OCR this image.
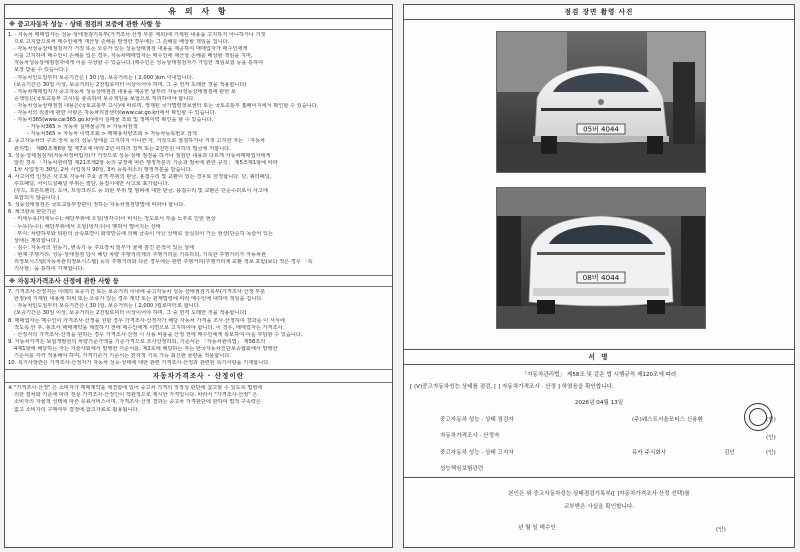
유 의 사 항
※ 중고자동차 성능 · 상태 점검의 보증에 관한 사항 등
1. · 자동차 매매업자는 성능·상태점검기록부(가격조사·산정 부분 제외)에 기재된 내용을 고지하지 아니하거나 거짓
으로 고지함으로써 매수인에게 재산상 손해를 발생한 경우에는 그 손해를 배상할 책임을 집니다.
· 자동차성능상태점검자가 거짓 또는 오류가 있는 성능상태점검 내용을 제공하여 매매업자가 매수인에게
이를 고지하여 매수인이 손해를 입은 경우, 자동차매매업자는 매수인에 재산상 손해를 배상할 책임을 지며,
자동차성능상태점검자에게 이를 구상할 수 있습니다.(매수인은 성능상태점검자가 가입한 책임보험 등을 통하여
보장 받을 수 있습니다.)
· 자동차인도일부터 보증기간은 ( 30 )일, 보증거리는 ( 2,000 )km 이내입니다.
(보증기간은 30일 이상, 보증거리는 2천킬로미터 이상이어야 하며, 그 중 먼저 도래한 것을 적용합니다)
· 자동차매매업자가 중고자동차 성능상태점검 내용을 제공한 날부터 자동차성능상태점검에 관한 보
증책임은(국토교통부 고시)를 충족하여 보증책임을 보험으로 처리하여야 합니다.
· 자동차성능상태점검 내용은(국토교통부 고시)에 따르며, 정제된 국가법령정보센터 또는 국토교통부 홈페이지에서 확인할 수 있습니다.
· 자동차의 리콜에 관한 사항은 자동차리콜센터(www.car.go.kr)에서 확인할 수 있습니다.
· 자동차365(www.car365.go.kr)에서 실매물 조회 및 정비이력 확인을 할 수 있습니다.
- 자동차365 > 자동차 실매물공개 > 자동차검색
- 자동차365 > 자동차 이력조회 > 매매용차량조회 > 자동차등록번호 검색
2. 중고자동차의 구조·장치 등의 성능·상태를 고지하지 아니한 자, 거짓으로 점검하거나 거짓 고지한 자는 「자동차
관리법」 제80조제6항 및 제7호에 따라 2년 이하의 징역 또는 2천만원 이하의 벌금에 처합니다.
3. 성능·상태점검자(자동차정비업자)가 거짓으로 성능·상태 점검을 하거나 점검한 내용과 다르게 자동차매매업자에게
알린 경우 「자동차관리법 제21조제2항 등의 규정에 따른 행정처분의 기준과 절차에 관한 규칙」 제5조제1항에 따라
1차 사업정지 30일, 2차 사업정지 90일, 3차 등록취소의 행정처분을 받습니다.
4. 사고이력 인정은 사고로 자동차 주요 골격 부위의 판금, 용접수리 및 교환이 있는 경우로 한정합니다. 단, 쿼터패널,
루프패널, 사이드실패널 부위는 절단, 용접시에만 사고로 표기합니다.
(후드, 프론트펜더, 도어, 트렁크리드 등 외판 부위 및 범퍼에 대한 판금, 용접수리 및 교환은 단순수리로서 사고에
포함되지 않습니다.)
5. 성능상태점검은 국토교통부장관이 정하는 자동차점검방법에 따라야 합니다.
6. 체크항목 판단기준
· 미세누유(미세누수): 해당부위에 오일(냉각수)이 비치는 정도로서 부품 노후로 인한 현상
· 누유(누수): 해당부위에서 오일(냉각수)이 맺혀서 떨어지는 상태
· 부식: 차량하부와 외판의 금속표면이 화학반응에 의해 금속이 아닌 상태로 상실되어 가는 현상(단순히 녹슬어 있는
상태는 제외합니다.)
· 침수: 자동차의 원동기, 변속기 등 주요장치 일부가 물에 잠긴 흔적이 있는 상태
· 현재 주행거리: 성능·상태점검 당시 해당 차량 주행거리계의 주행거리를 기록하되, 기록한 주행거리가 자동차관
리정보시스템(자동차관리정보시스템) 등의 주행거리와 다른 경우에는 관련 주행거리(주행거리계 교환 정보 포함)보다 적은 경우 「특
기사항」을 통하여 기재합니다.
※ 자동차가격조사 산정에 관한 사항 등
7. 가격조사·산정자는 아래의 보증기간 또는 보증거리 이내에 중고자동차 성능·상태점검기록부(가격조사·산정 부분
한정)에 기재된 내용에 허위 또는 오류가 있는 경우 계약 또는 관계법령에 따라 매수인에 대하여 책임을 집니다.
· 자동차인도일부터 보증기간은 ( 30 )일, 보증거리는 ( 2,000 )킬로미터로 합니다.
(보증기간은 30일 이상, 보증거리는 2천킬로미터 이상이어야 하며, 그 중 먼저 도래한 것을 적용합니다)
8. 매매업자는 매수인이 가격조사·산정을 원할 경우 가격조사·산정자가 해당 자동차 가격을 조사·산정하여 결과를 이 서식에
적도록 한 후, 봉조사 매매계약을 체결하기 전에 매수인에게 서면으로 고지하여야 합니다. 이 경우, 매매업자는 가격조사
· 산정자의 가격조사·산정을 원하는 경우 가격조사·산정 시 사용 비용을 산정 전에 매수인에게 통보하여 이를 부담할 수 있습니다.
9. 자동차가격은 보험개발원의 차량기준가액을 기준가격으로 조사산정하되, 기준서는 「자동차관리법」 제58조의
4제1항에 해당하는 자는 기술사회에서 발행한 기준서를, 제2호에 해당하는 자는 한국자동차진단보증협회에서 발행한
기준서를 각각 적용해야 하며, 가격기준가 기준서는 전자적 기록 가능 최신판 물량을 적용합니다.
10. 특기사항란은 가격조사·산정자가 자동차 성능·상태에 대한 관련 가격조사·산정과 관련된 특기사항을 기재합니다.
자동차가격조사 · 산정이란
※ "가격조사·산정" 은 소비자가 매매계약을 체결함에 있어 중고차 가격의 적정성 판단에 참고할 수 있도록 법령에
의한 절차와 기준에 따라 전문 가격조사·산정인이 객관적으로 제시한 가격입니다. 따라서 "가격조사·산정" 은
소비자의 자율적 선택에 따른 유료서비스이며, 가격조사·산정 결과는 중고차 가격판단에 관하여 법적 구속력은
없고 소비자의 구매여부 결정에 참고자료로 활용됩니다.
점검 장면 촬영 사진
05버 4044
08버 4044
서 명
「자동차관리법」 제58조 및 같은 법 시행규칙 제120조에 따라
[ (V)중고자동차성능·상태를 점검, [ ] 자동차가격조사 · 산정 ] 하였음을 확인합니다.
2026년 04월 13일
중고자동차 성능 · 상태 점검자	(주)웨스트서울모터스 신용환	(인)
자동차가격조사 · 산정자	(인)
중고자동차 성능 · 상태 고지자	뮤카 주식회사	김인	(인)
성능책임보험관련
본인은 위 중고자동차성능·상태점검기록부([ ]자동차가격조사·산정 선택)를
교부받은 사실을 확인합니다.
년 월 일 매수인	(인)
